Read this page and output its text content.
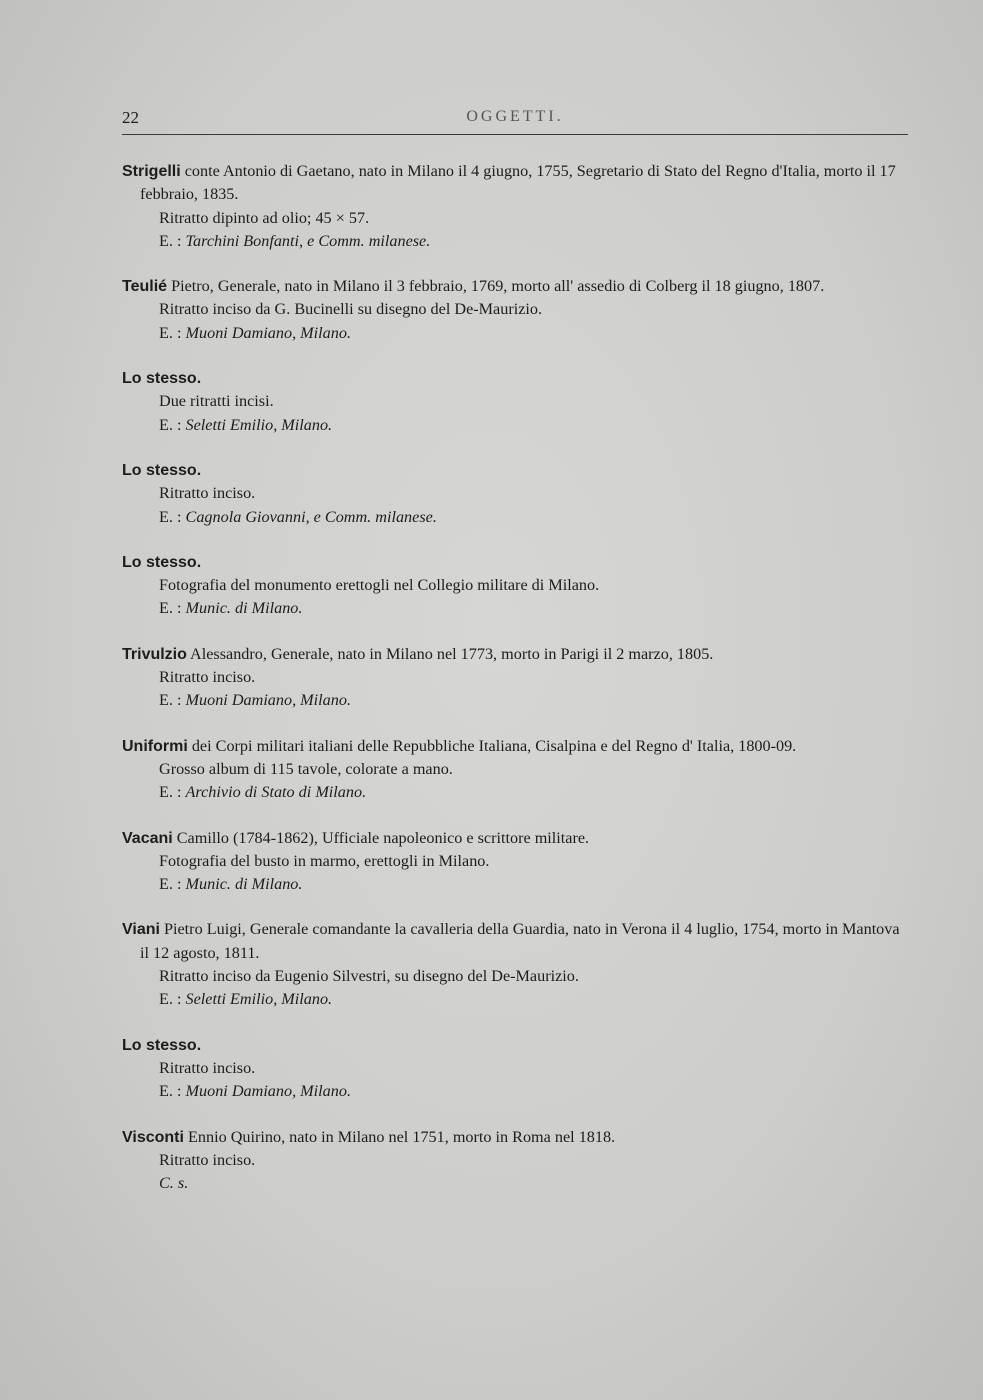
22	OGGETTI.
Strigelli conte Antonio di Gaetano, nato in Milano il 4 giugno, 1755, Segretario di Stato del Regno d'Italia, morto il 17 febbraio, 1835.
Ritratto dipinto ad olio; 45 × 57.
E. : Tarchini Bonfanti, e Comm. milanese.
Teulié Pietro, Generale, nato in Milano il 3 febbraio, 1769, morto all' assedio di Colberg il 18 giugno, 1807.
Ritratto inciso da G. Bucinelli su disegno del De-Maurizio.
E. : Muoni Damiano, Milano.
Lo stesso.
Due ritratti incisi.
E. : Seletti Emilio, Milano.
Lo stesso.
Ritratto inciso.
E. : Cagnola Giovanni, e Comm. milanese.
Lo stesso.
Fotografia del monumento erettogli nel Collegio militare di Milano.
E. : Munic. di Milano.
Trivulzio Alessandro, Generale, nato in Milano nel 1773, morto in Parigi il 2 marzo, 1805.
Ritratto inciso.
E. : Muoni Damiano, Milano.
Uniformi dei Corpi militari italiani delle Repubbliche Italiana, Cisalpina e del Regno d' Italia, 1800-09.
Grosso album di 115 tavole, colorate a mano.
E. : Archivio di Stato di Milano.
Vacani Camillo (1784-1862), Ufficiale napoleonico e scrittore militare.
Fotografia del busto in marmo, erettogli in Milano.
E. : Munic. di Milano.
Viani Pietro Luigi, Generale comandante la cavalleria della Guardia, nato in Verona il 4 luglio, 1754, morto in Mantova il 12 agosto, 1811.
Ritratto inciso da Eugenio Silvestri, su disegno del De-Maurizio.
E. : Seletti Emilio, Milano.
Lo stesso.
Ritratto inciso.
E. : Muoni Damiano, Milano.
Visconti Ennio Quirino, nato in Milano nel 1751, morto in Roma nel 1818.
Ritratto inciso.
C. s.
